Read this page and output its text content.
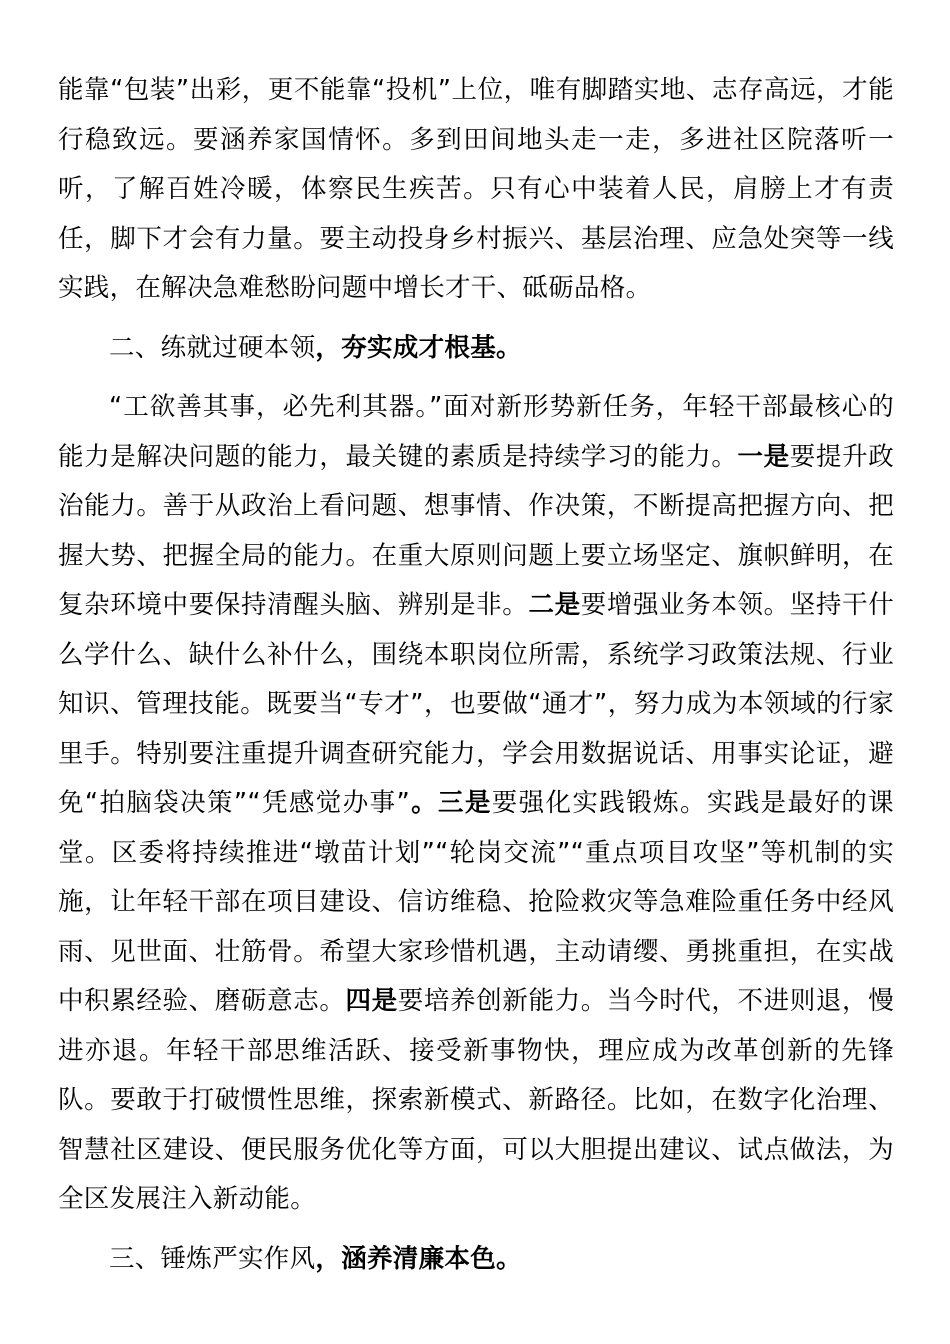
能靠“包装”出彩，更不能靠“投机”上位，唯有脚踏实地、志存高远，才能行稳致远。要涵养家国情怀。多到田间地头走一走，多进社区院落听一听，了解百姓冷暖，体察民生疾苦。只有心中装着人民，肩膀上才有责任，脚下才会有力量。要主动投身乡村振兴、基层治理、应急处突等一线实践，在解决急难愁盼问题中增长才干、砥砺品格。

二、练就过硬本领，夯实成才根基。

“工欲善其事，必先利其器。”面对新形势新任务，年轻干部最核心的能力是解决问题的能力，最关键的素质是持续学习的能力。一是要提升政治能力。善于从政治上看问题、想事情、作决策，不断提高把握方向、把握大势、把握全局的能力。在重大原则问题上要立场坚定、旗帜鲜明，在复杂环境中要保持清醒头脑、辨别是非。二是要增强业务本领。坚持干什么学什么、缺什么补什么，围绕本职岗位所需，系统学习政策法规、行业知识、管理技能。既要当“专才”，也要做“通才”，努力成为本领域的行家里手。特别要注重提升调查研究能力，学会用数据说话、用事实论证，避免“拍脑袋决策”“凭感觉办事”。三是要强化实践锻炼。实践是最好的课堂。区委将持续推进“墩苗计划”“轮岗交流”“重点项目攻坚”等机制的实施，让年轻干部在项目建设、信访维稳、抢险救灾等急难险重任务中经风雨、见世面、壮筋骨。希望大家珍惜机遇，主动请缨、勇挑重担，在实战中积累经验、磨砺意志。四是要培养创新能力。当今时代，不进则退，慢进亦退。年轻干部思维活跃、接受新事物快，理应成为改革创新的先锋队。要敢于打破惯性思维，探索新模式、新路径。比如，在数字化治理、智慧社区建设、便民服务优化等方面，可以大胆提出建议、试点做法，为全区发展注入新动能。

三、锤炼严实作风，涵养清廉本色。
